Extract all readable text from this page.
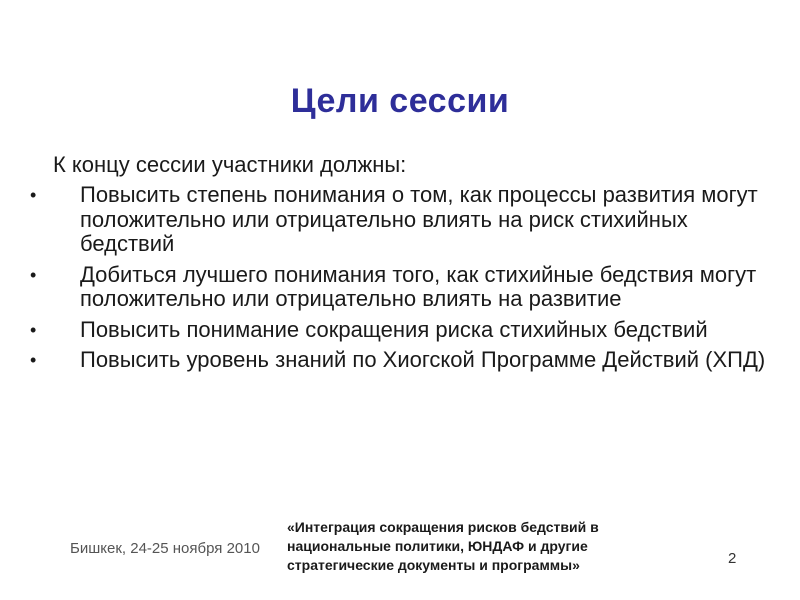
Цели сессии
К концу сессии участники должны:
• Повысить степень понимания о том, как процессы развития могут положительно или отрицательно влиять на риск стихийных бедствий
• Добиться лучшего понимания того, как стихийные бедствия могут положительно или отрицательно влиять на развитие
• Повысить понимание сокращения риска стихийных бедствий
• Повысить уровень знаний по Хиогской Программе Действий (ХПД)
Бишкек, 24-25 ноября 2010
«Интеграция сокращения рисков бедствий в национальные политики, ЮНДАФ и другие стратегические документы и программы»	2
